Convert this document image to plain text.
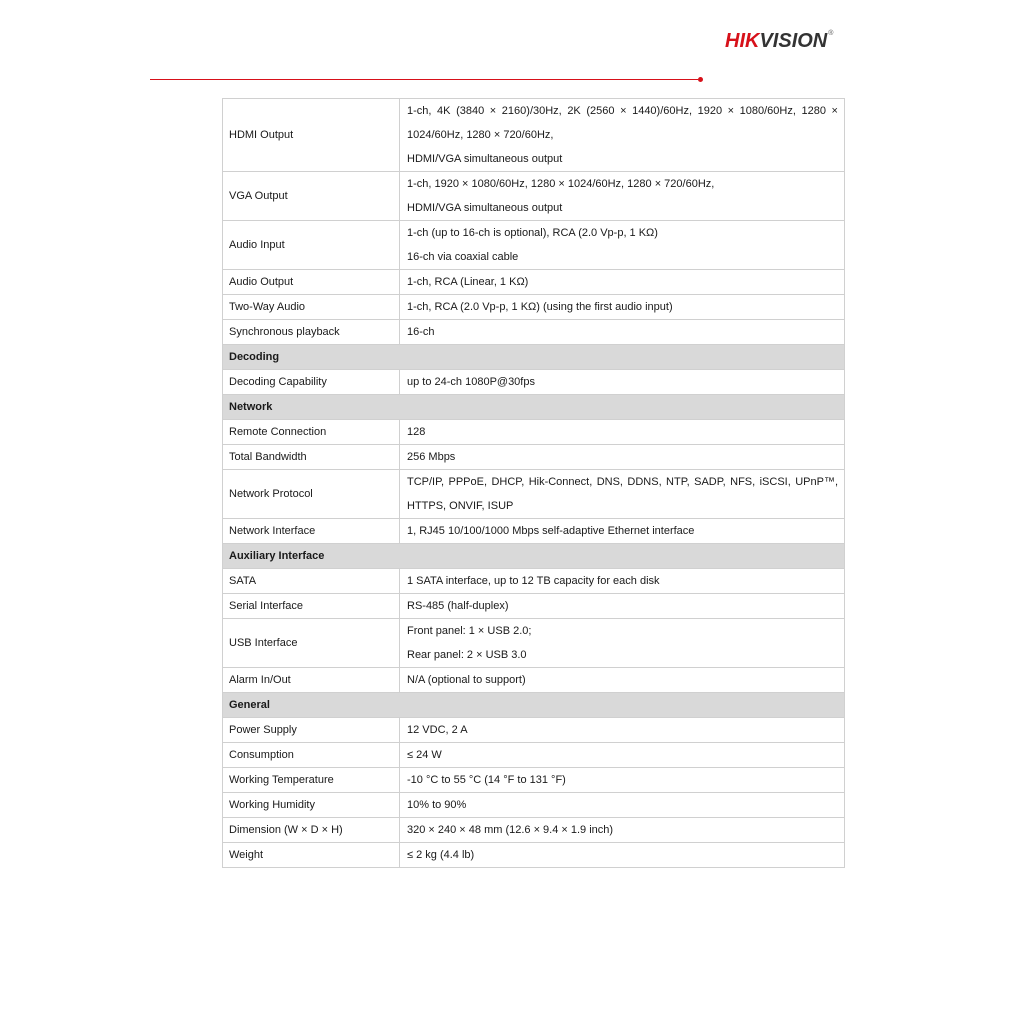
HIKVISION®
HDMI Output	1-ch, 4K (3840 × 2160)/30Hz, 2K (2560 × 1440)/60Hz, 1920 × 1080/60Hz, 1280 × 1024/60Hz, 1280 × 720/60Hz,
HDMI/VGA simultaneous output

VGA Output	1-ch, 1920 × 1080/60Hz, 1280 × 1024/60Hz, 1280 × 720/60Hz,
HDMI/VGA simultaneous output

Audio Input	1-ch (up to 16-ch is optional), RCA (2.0 Vp-p, 1 KΩ)
16-ch via coaxial cable

Audio Output	1-ch, RCA (Linear, 1 KΩ)

Two-Way Audio	1-ch, RCA (2.0 Vp-p, 1 KΩ) (using the first audio input)

Synchronous playback	16-ch

Decoding	
Decoding Capability	up to 24-ch 1080P@30fps

Network	
Remote Connection	128

Total Bandwidth	256 Mbps

Network Protocol	TCP/IP, PPPoE, DHCP, Hik-Connect, DNS, DDNS, NTP, SADP, NFS, iSCSI, UPnP™, HTTPS, ONVIF, ISUP

Network Interface	1, RJ45 10/100/1000 Mbps self-adaptive Ethernet interface

Auxiliary Interface	
SATA	1 SATA interface, up to 12 TB capacity for each disk

Serial Interface	RS-485 (half-duplex)

USB Interface	Front panel: 1 × USB 2.0;
Rear panel: 2 × USB 3.0

Alarm In/Out	N/A (optional to support)

General	
Power Supply	12 VDC, 2 A

Consumption	≤ 24 W

Working Temperature	-10 °C to 55 °C (14 °F to 131 °F)

Working Humidity	10% to 90%

Dimension (W × D × H)	320 × 240 × 48 mm (12.6 × 9.4 × 1.9 inch)

Weight	≤ 2 kg (4.4 lb)
